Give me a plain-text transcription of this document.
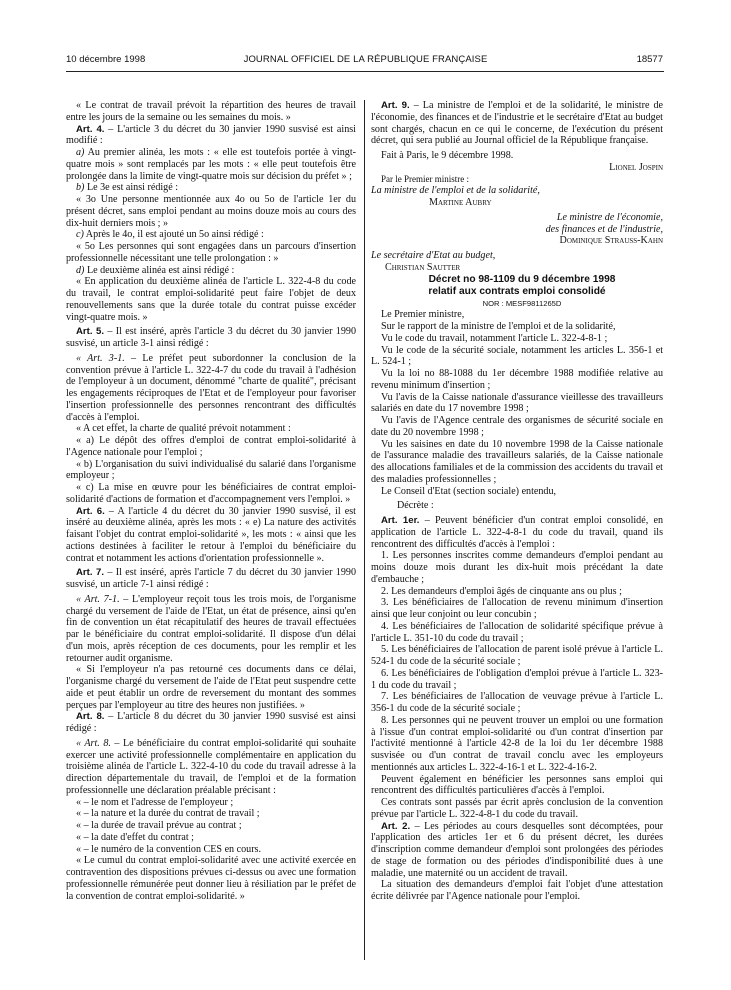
10 décembre 1998	JOURNAL OFFICIEL DE LA RÉPUBLIQUE FRANÇAISE	18577

« Le contrat de travail prévoit la répartition des heures de travail entre les jours de la semaine ou les semaines du mois. »

Art. 4. – L'article 3 du décret du 30 janvier 1990 susvisé est ainsi modifié :

a) Au premier alinéa, les mots : « elle est toutefois portée à vingt-quatre mois » sont remplacés par les mots : « elle peut toutefois être prolongée dans la limite de vingt-quatre mois sur décision du préfet » ;

b) Le 3e est ainsi rédigé :

« 3o Une personne mentionnée aux 4o ou 5o de l'article 1er du présent décret, sans emploi pendant au moins douze mois au cours des dix-huit derniers mois ; »

c) Après le 4o, il est ajouté un 5o ainsi rédigé :

« 5o Les personnes qui sont engagées dans un parcours d'insertion professionnelle nécessitant une telle prolongation : »

d) Le deuxième alinéa est ainsi rédigé :

« En application du deuxième alinéa de l'article L. 322-4-8 du code du travail, le contrat emploi-solidarité peut faire l'objet de deux renouvellements sans que la durée totale du contrat puisse excéder vingt-quatre mois. »

Art. 5. – Il est inséré, après l'article 3 du décret du 30 janvier 1990 susvisé, un article 3-1 ainsi rédigé :

« Art. 3-1. – Le préfet peut subordonner la conclusion de la convention prévue à l'article L. 322-4-7 du code du travail à l'adhésion de l'employeur à un document, dénommé "charte de qualité", précisant les engagements réciproques de l'Etat et de l'employeur pour favoriser l'insertion professionnelle des personnes rencontrant des difficultés d'accès à l'emploi.

« A cet effet, la charte de qualité prévoit notamment :

« a) Le dépôt des offres d'emploi de contrat emploi-solidarité à l'Agence nationale pour l'emploi ;

« b) L'organisation du suivi individualisé du salarié dans l'organisme employeur ;

« c) La mise en œuvre pour les bénéficiaires de contrat emploi-solidarité d'actions de formation et d'accompagnement vers l'emploi. »

Art. 6. – A l'article 4 du décret du 30 janvier 1990 susvisé, il est inséré au deuxième alinéa, après les mots : « e) La nature des activités faisant l'objet du contrat emploi-solidarité », les mots : « ainsi que les actions destinées à faciliter le retour à l'emploi du bénéficiaire du contrat et notamment les actions d'orientation professionnelle ».

Art. 7. – Il est inséré, après l'article 7 du décret du 30 janvier 1990 susvisé, un article 7-1 ainsi rédigé :

« Art. 7-1. – L'employeur reçoit tous les trois mois, de l'organisme chargé du versement de l'aide de l'Etat, un état de présence, ainsi qu'en fin de convention un état récapitulatif des heures de travail effectuées par le bénéficiaire du contrat emploi-solidarité. Il dispose d'un délai d'un mois, après réception de ces documents, pour les remplir et les retourner audit organisme.

« Si l'employeur n'a pas retourné ces documents dans ce délai, l'organisme chargé du versement de l'aide de l'Etat peut suspendre cette aide et peut établir un ordre de reversement du montant des sommes perçues par l'employeur au titre des heures non justifiées. »

Art. 8. – L'article 8 du décret du 30 janvier 1990 susvisé est ainsi rédigé :

« Art. 8. – Le bénéficiaire du contrat emploi-solidarité qui souhaite exercer une activité professionnelle complémentaire en application du troisième alinéa de l'article L. 322-4-10 du code du travail adresse à la direction départementale du travail, de l'emploi et de la formation professionnelle une déclaration préalable précisant :

« – le nom et l'adresse de l'employeur ;

« – la nature et la durée du contrat de travail ;

« – la durée de travail prévue au contrat ;

« – la date d'effet du contrat ;

« – le numéro de la convention CES en cours.

« Le cumul du contrat emploi-solidarité avec une activité exercée en contravention des dispositions prévues ci-dessus ou avec une formation professionnelle rémunérée peut donner lieu à résiliation par le préfet de la convention de contrat emploi-solidarité. »

Art. 9. – La ministre de l'emploi et de la solidarité, le ministre de l'économie, des finances et de l'industrie et le secrétaire d'Etat au budget sont chargés, chacun en ce qui le concerne, de l'exécution du présent décret, qui sera publié au Journal officiel de la République française.

Fait à Paris, le 9 décembre 1998.

Lionel Jospin

Par le Premier ministre :

La ministre de l'emploi et de la solidarité,

Martine Aubry

Le ministre de l'économie,

des finances et de l'industrie,

Dominique Strauss-Kahn

Le secrétaire d'Etat au budget,

Christian Sautter

Décret no 98-1109 du 9 décembre 1998
relatif aux contrats emploi consolidé

NOR : MESF9811265D

Le Premier ministre,

Sur le rapport de la ministre de l'emploi et de la solidarité,

Vu le code du travail, notamment l'article L. 322-4-8-1 ;

Vu le code de la sécurité sociale, notamment les articles L. 356-1 et L. 524-1 ;

Vu la loi no 88-1088 du 1er décembre 1988 modifiée relative au revenu minimum d'insertion ;

Vu l'avis de la Caisse nationale d'assurance vieillesse des travailleurs salariés en date du 17 novembre 1998 ;

Vu l'avis de l'Agence centrale des organismes de sécurité sociale en date du 20 novembre 1998 ;

Vu les saisines en date du 10 novembre 1998 de la Caisse nationale de l'assurance maladie des travailleurs salariés, de la Caisse nationale des allocations familiales et de la commission des accidents du travail et des maladies professionnelles ;

Le Conseil d'Etat (section sociale) entendu,

Décrète :

Art. 1er. – Peuvent bénéficier d'un contrat emploi consolidé, en application de l'article L. 322-4-8-1 du code du travail, quand ils rencontrent des difficultés d'accès à l'emploi :

1. Les personnes inscrites comme demandeurs d'emploi pendant au moins douze mois durant les dix-huit mois précédant la date d'embauche ;

2. Les demandeurs d'emploi âgés de cinquante ans ou plus ;

3. Les bénéficiaires de l'allocation de revenu minimum d'insertion ainsi que leur conjoint ou leur concubin ;

4. Les bénéficiaires de l'allocation de solidarité spécifique prévue à l'article L. 351-10 du code du travail ;

5. Les bénéficiaires de l'allocation de parent isolé prévue à l'article L. 524-1 du code de la sécurité sociale ;

6. Les bénéficiaires de l'obligation d'emploi prévue à l'article L. 323-1 du code du travail ;

7. Les bénéficiaires de l'allocation de veuvage prévue à l'article L. 356-1 du code de la sécurité sociale ;

8. Les personnes qui ne peuvent trouver un emploi ou une formation à l'issue d'un contrat emploi-solidarité ou d'un contrat d'insertion par l'activité mentionné à l'article 42-8 de la loi du 1er décembre 1988 susvisée ou d'un contrat de travail conclu avec les employeurs mentionnés aux articles L. 322-4-16-1 et L. 322-4-16-2.

Peuvent également en bénéficier les personnes sans emploi qui rencontrent des difficultés particulières d'accès à l'emploi.

Ces contrats sont passés par écrit après conclusion de la convention prévue par l'article L. 322-4-8-1 du code du travail.

Art. 2. – Les périodes au cours desquelles sont décomptées, pour l'application des articles 1er et 6 du présent décret, les durées d'inscription comme demandeur d'emploi sont prolongées des périodes de stage de formation ou des périodes d'indisponibilité dues à une maladie, une maternité ou un accident de travail.

La situation des demandeurs d'emploi fait l'objet d'une attestation écrite délivrée par l'Agence nationale pour l'emploi.
